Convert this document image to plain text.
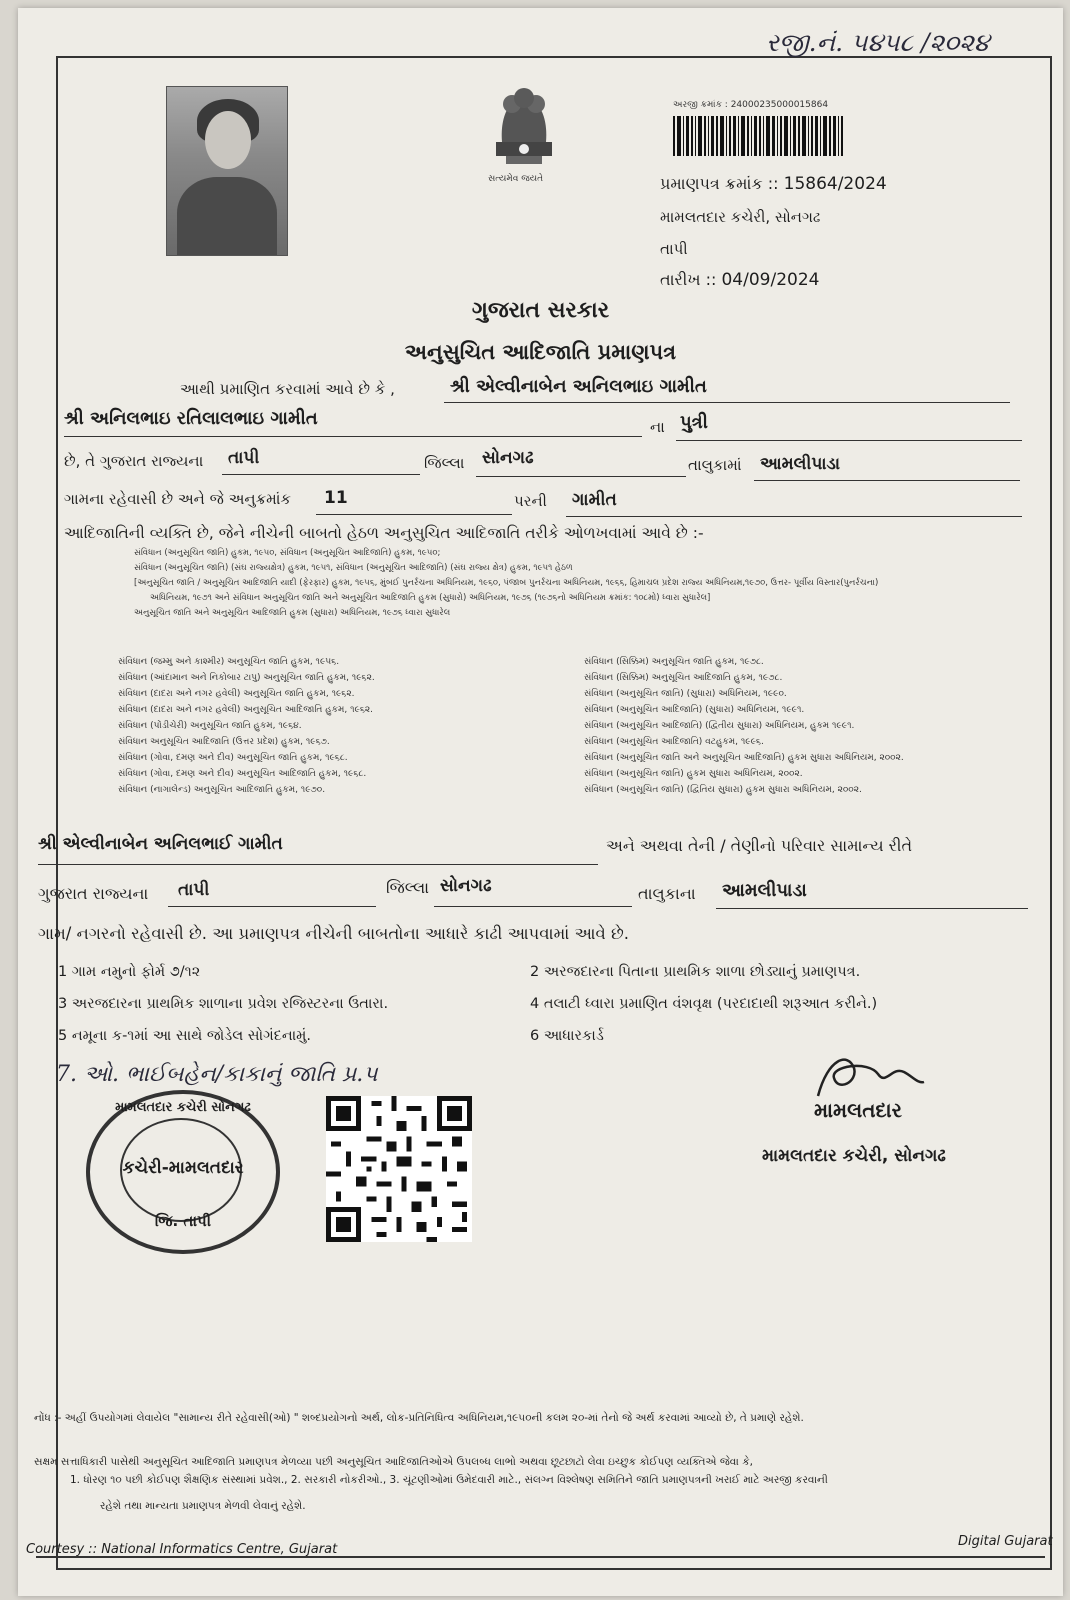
રજી.નં. ૫૪૫૮ /૨૦૨૪
સત્યમેવ જયતે
અરજી ક્રમાંક : 24000235000015864
પ્રમાણપત્ર ક્રમાંક :: 15864/2024
મામલતદાર કચેરી, સોનગઢ
તાપી
તારીખ :: 04/09/2024
ગુજરાત સરકાર
અનુસુચિત આદિજાતિ પ્રમાણપત્ર
આથી પ્રમાણિત કરવામાં આવે છે કે ,	શ્રી એલ્વીનાબેન અનિલભાઇ ગામીત
શ્રી અનિલભાઇ રતિલાલભાઇ ગામીત	ના પુત્રી
છે, તે ગુજરાત રાજ્યના તાપી	જિલ્લા સોનગઢ	તાલુકામાં આમલીપાડા
ગામના રહેવાસી છે અને જે અનુક્રમાંક 11	પરની ગામીત
આદિજાતિની વ્યક્તિ છે, જેને નીચેની બાબતો હેઠળ અનુસુચિત આદિજાતિ તરીકે ઓળખવામાં આવે છે :-
સંવિધાન (અનુસૂચિત જાતિ) હુકમ, ૧૯૫૦, સંવિધાન (અનુસૂચિત આદિજાતિ) હુકમ, ૧૯૫૦;
સંવિધાન (અનુસૂચિત જાતિ) (સંઘ રાજ્યક્ષેત્ર) હુકમ, ૧૯૫૧, સંવિધાન (અનુસૂચિત આદિજાતિ) (સંઘ રાજ્ય ક્ષેત્ર) હુકમ, ૧૯૫૧ હેઠળ
[અનુસૂચિત જાતિ / અનુસૂચિત આદિજાતિ યાદી (ફેરફાર) હુકમ, ૧૯૫૬, મુંબઈ પુનર્રચના અધિનિયમ, ૧૯૬૦, પંજાબ પુનર્રચના અધિનિયમ, ૧૯૬૬, હિમાચલ પ્રદેશ રાજ્ય અધિનિયમ,૧૯૭૦, ઉત્તર- પૂર્વીય વિસ્તાર(પુનર્રચના)
અધિનિયમ, ૧૯૭૧ અને સંવિધાન અનુસૂચિત જાતિ અને અનુસૂચિત આદિજાતિ હુકમ (સુધારો) અધિનિયમ, ૧૯૭૬ (૧૯૭૬નો અધિનિયમ ક્રમાંક: ૧૦૮મો) ધ્વારા સુધારેલ]
અનુસૂચિત જાતિ અને અનુસૂચિત આદિજાતિ હુકમ (સુધારા) અધિનિયમ, ૧૯૭૬ ધ્વારા સુધારેલ
સંવિધાન (જમ્મુ અને કાશ્મીર) અનુસૂચિત જાતિ હુકમ, ૧૯૫૬.
સંવિધાન (આંદામાન અને નિકોબાર ટાપુ) અનુસૂચિત જાતિ હુકમ, ૧૯૬૨.
સંવિધાન (દાદરા અને નગર હવેલી) અનુસૂચિત જાતિ હુકમ, ૧૯૬૨.
સંવિધાન (દાદરા અને નગર હવેલી) અનુસૂચિત આદિજાતિ હુકમ, ૧૯૬૨.
સંવિધાન (પોંડીચેરી) અનુસૂચિત જાતિ હુકમ, ૧૯૬૪.
સંવિધાન અનુસૂચિત આદિજાતિ (ઉત્તર પ્રદેશ) હુકમ, ૧૯૬૭.
સંવિધાન (ગોવા, દમણ અને દીવ) અનુસૂચિત જાતિ હુકમ, ૧૯૬૮.
સંવિધાન (ગોવા, દમણ અને દીવ) અનુસૂચિત આદિજાતિ હુકમ, ૧૯૬૮.
સંવિધાન (નાગાલેન્ડ) અનુસૂચિત આદિજાતિ હુકમ, ૧૯૭૦.
સંવિધાન (સિક્કિમ) અનુસૂચિત જાતિ હુકમ, ૧૯૭૮.
સંવિધાન (સિક્કિમ) અનુસૂચિત આદિજાતિ હુકમ, ૧૯૭૮.
સંવિધાન (અનુસૂચિત જાતિ) (સુધારા) અધિનિયમ, ૧૯૯૦.
સંવિધાન (અનુસૂચિત આદિજાતિ) (સુધારા) અધિનિયમ, ૧૯૯૧.
સંવિધાન (અનુસૂચિત આદિજાતિ) (દ્વિતીય સુધારા) અધિનિયમ, હુકમ ૧૯૯૧.
સંવિધાન (અનુસૂચિત આદિજાતિ) વટહુકમ, ૧૯૯૬.
સંવિધાન (અનુસૂચિત જાતિ અને અનુસૂચિત આદિજાતિ) હુકમ સુધારા અધિનિયમ, ૨૦૦૨.
સંવિધાન (અનુસૂચિત જાતિ) હુકમ સુધારા અધિનિયમ, ૨૦૦૨.
સંવિધાન (અનુસૂચિત જાતિ) (દ્વિતિય સુધારા) હુકમ સુધારા અધિનિયમ, ૨૦૦૨.
શ્રી એલ્વીનાબેન અનિલભાઈ ગામીત	અને અથવા તેની / તેણીનો પરિવાર સામાન્ય રીતે
ગુજરાત રાજ્યના તાપી	જિલ્લા સોનગઢ	તાલુકાના આમલીપાડા
ગામ/ નગરનો રહેવાસી છે. આ પ્રમાણપત્ર નીચેની બાબતોના આધારે કાઢી આપવામાં આવે છે.
1 ગામ નમુનો ફોર્મ ૭/૧૨	2 અરજદારના પિતાના પ્રાથમિક શાળા છોડ્યાનું પ્રમાણપત્ર.
3 અરજદારના પ્રાથમિક શાળાના પ્રવેશ રજિસ્ટરના ઉતારા.	4 તલાટી ધ્વારા પ્રમાણિત વંશવૃક્ષ (પરદાદાથી શરૂઆત કરીને.)
5 નમૂના ક-૧માં આ સાથે જોડેલ સોગંદનામું.	6 આધારકાર્ડ
7. ઓ. ભાઈબહેન/કાકાનું જાતિ પ્ર.પ
મામલતદાર કચેરી સોનગઢ
કચેરી-મામલતદાર
જિ. તાપી
મામલતદાર
મામલતદાર કચેરી, સોનગઢ
નોંધ :- અહીં ઉપયોગમાં લેવાયેલ "સામાન્ય રીતે રહેવાસી(ઓ) " શબ્દપ્રયોગનો અર્થ, લોક-પ્રતિનિધિત્વ અધિનિયમ,૧૯૫૦ની કલમ ૨૦-માં તેનો જે અર્થ કરવામાં આવ્યો છે, તે પ્રમાણે રહેશે.
સક્ષમ સત્તાધિકારી પાસેથી અનુસૂચિત આદિજાતિ પ્રમાણપત્ર મેળવ્યા પછી અનુસૂચિત આદિજાતિઓએ ઉપલબ્ધ લાભો અથવા છૂટછાટો લેવા ઇચ્છુક કોઈપણ વ્યક્તિએ જેવા કે,
1. ધોરણ ૧૦ પછી કોઈપણ શૈક્ષણિક સંસ્થામાં પ્રવેશ., 2. સરકારી નોકરીઓ., 3. ચૂંટણીઓમાં ઉમેદવારી માટે., સંલગ્ન વિશ્લેષણ સમિતિને જાતિ પ્રમાણપત્રની ખરાઈ માટે અરજી કરવાની
રહેશે તથા માન્યતા પ્રમાણપત્ર મેળવી લેવાનું રહેશે.
Courtesy :: National Informatics Centre, Gujarat
Digital Gujarat
